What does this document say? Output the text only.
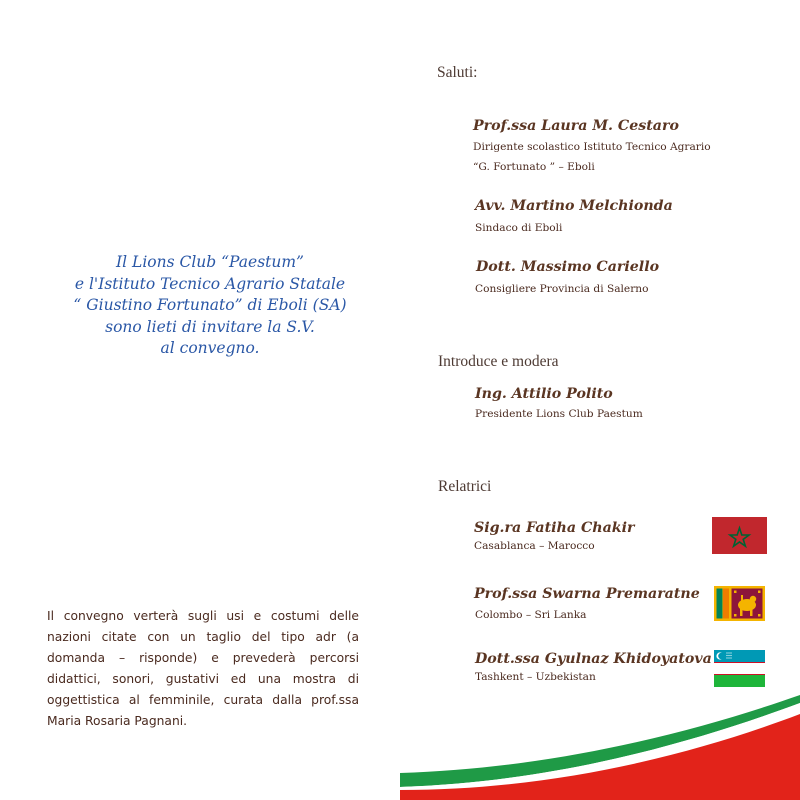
Il Lions Club “Paestum”
e l'Istituto Tecnico Agrario Statale
“ Giustino Fortunato” di Eboli (SA)
sono lieti di invitare la S.V.
al convegno.
Il convegno verterà sugli usi e costumi delle nazioni citate con un taglio del tipo adr (a domanda – risponde) e prevederà percorsi didattici, sonori, gustativi ed una mostra di oggettistica al femminile, curata dalla prof.ssa Maria Rosaria Pagnani.
Saluti:
Prof.ssa Laura M. Cestaro
Dirigente scolastico Istituto Tecnico Agrario
“G. Fortunato ” – Eboli
Avv. Martino Melchionda
Sindaco di Eboli
Dott. Massimo Cariello
Consigliere Provincia di Salerno
Introduce e modera
Ing. Attilio Polito
Presidente Lions Club Paestum
Relatrici
Sig.ra Fatiha Chakir
Casablanca – Marocco
Prof.ssa Swarna Premaratne
Colombo – Sri Lanka
Dott.ssa Gyulnaz Khidoyatova
Tashkent – Uzbekistan
